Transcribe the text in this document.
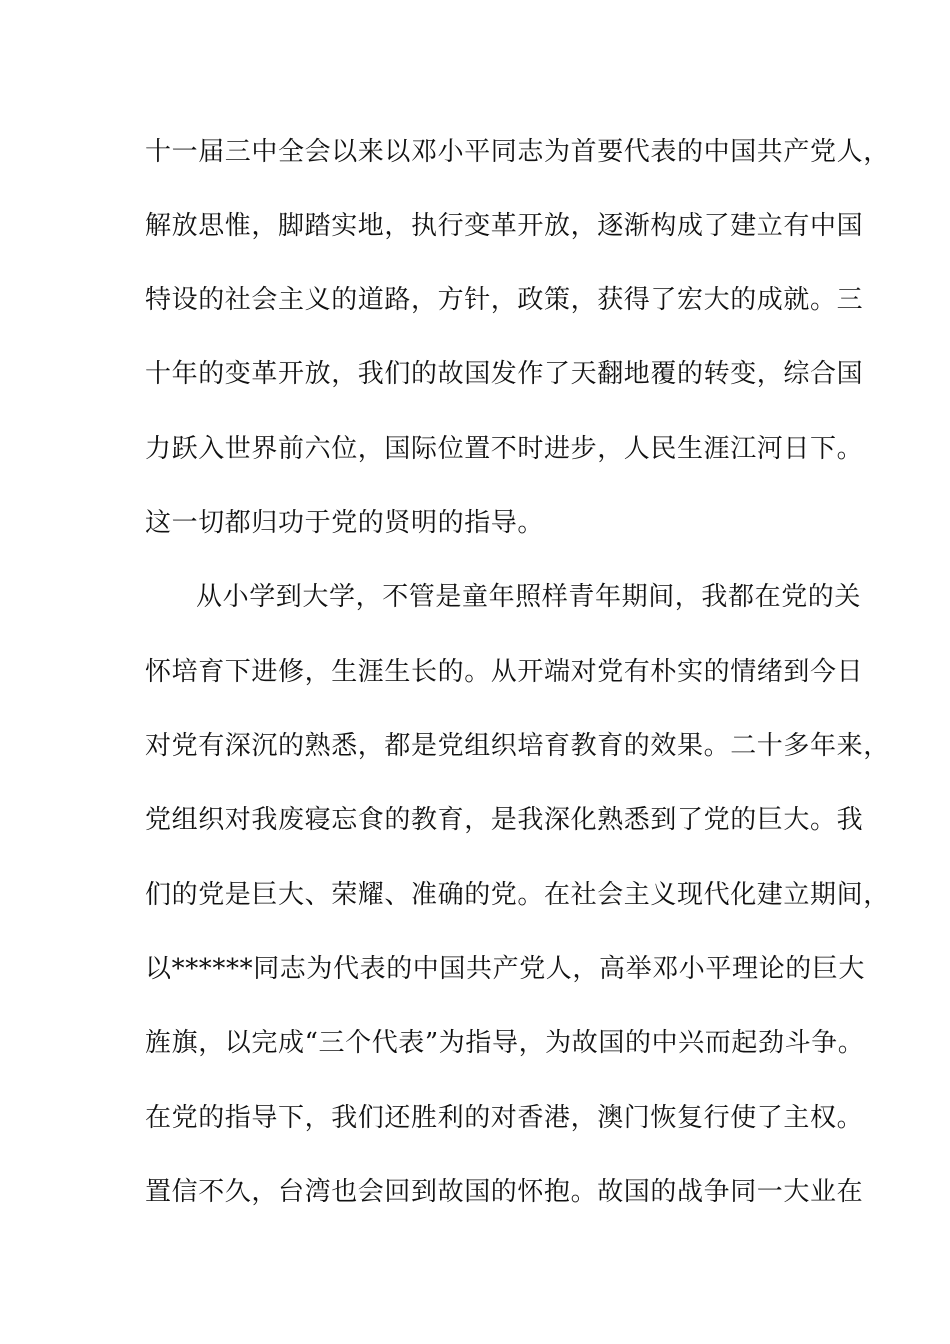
十一届三中全会以来以邓小平同志为首要代表的中国共产党人，
解放思惟，脚踏实地，执行变革开放，逐渐构成了建立有中国
特设的社会主义的道路，方针，政策，获得了宏大的成就。三
十年的变革开放，我们的故国发作了天翻地覆的转变，综合国
力跃入世界前六位，国际位置不时进步，人民生涯江河日下。
这一切都归功于党的贤明的指导。
从小学到大学，不管是童年照样青年期间，我都在党的关
怀培育下进修，生涯生长的。从开端对党有朴实的情绪到今日
对党有深沉的熟悉，都是党组织培育教育的效果。二十多年来，
党组织对我废寝忘食的教育，是我深化熟悉到了党的巨大。我
们的党是巨大、荣耀、准确的党。在社会主义现代化建立期间，
以******同志为代表的中国共产党人，高举邓小平理论的巨大
旌旗，以完成“三个代表”为指导，为故国的中兴而起劲斗争。
在党的指导下，我们还胜利的对香港，澳门恢复行使了主权。
置信不久，台湾也会回到故国的怀抱。故国的战争同一大业在
